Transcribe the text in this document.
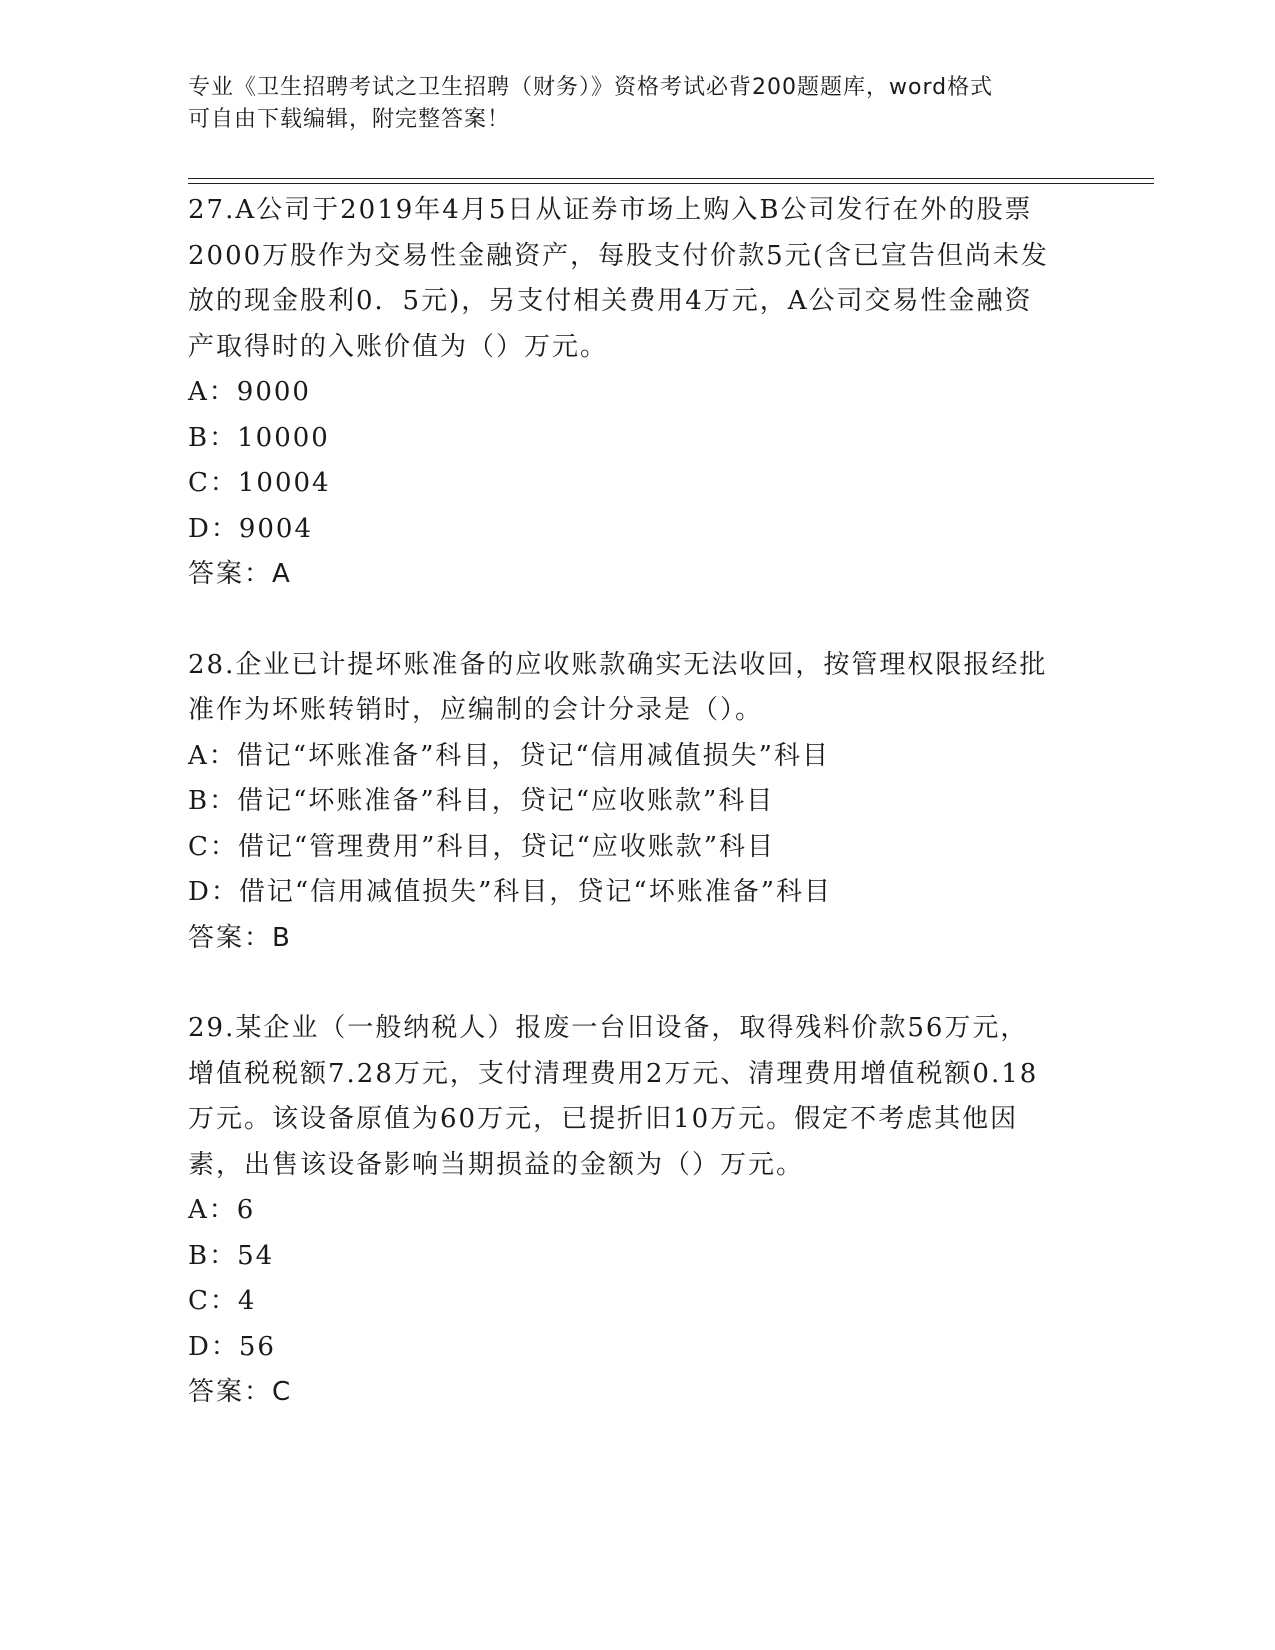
专业《卫生招聘考试之卫生招聘（财务）》资格考试必背200题题库，word格式
可自由下载编辑，附完整答案！

27.A公司于2019年4月5日从证券市场上购入B公司发行在外的股票

2000万股作为交易性金融资产，每股支付价款5元(含已宣告但尚未发

放的现金股利0．5元)，另支付相关费用4万元，A公司交易性金融资

产取得时的入账价值为（）万元。

A：9000

B：10000

C：10004

D：9004

答案：A

28.企业已计提坏账准备的应收账款确实无法收回，按管理权限报经批

准作为坏账转销时，应编制的会计分录是（）。

A：借记“坏账准备”科目，贷记“信用减值损失”科目

B：借记“坏账准备”科目，贷记“应收账款”科目

C：借记“管理费用”科目，贷记“应收账款”科目

D：借记“信用减值损失”科目，贷记“坏账准备”科目

答案：B

29.某企业（一般纳税人）报废一台旧设备，取得残料价款56万元，

增值税税额7.28万元，支付清理费用2万元、清理费用增值税额0.18

万元。该设备原值为60万元，已提折旧10万元。假定不考虑其他因

素，出售该设备影响当期损益的金额为（）万元。

A：6

B：54

C：4

D：56

答案：C
